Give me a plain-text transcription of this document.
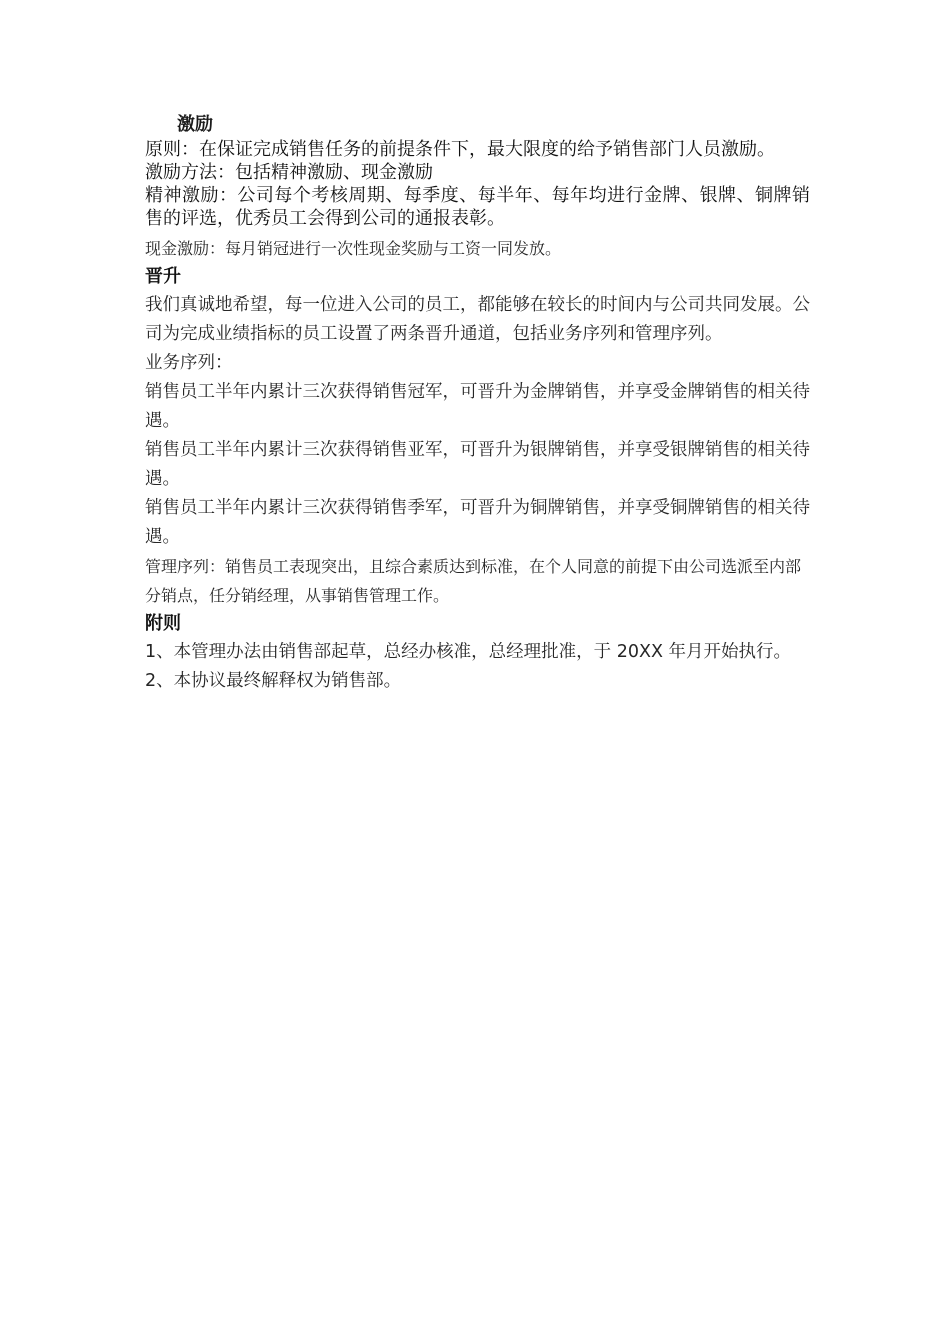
激励

原则：在保证完成销售任务的前提条件下，最大限度的给予销售部门人员激励。

激励方法：包括精神激励、现金激励

精神激励：公司每个考核周期、每季度、每半年、每年均进行金牌、银牌、铜牌销售的评选，优秀员工会得到公司的通报表彰。

现金激励：每月销冠进行一次性现金奖励与工资一同发放。

晋升

我们真诚地希望，每一位进入公司的员工，都能够在较长的时间内与公司共同发展。公司为完成业绩指标的员工设置了两条晋升通道，包括业务序列和管理序列。

业务序列：

销售员工半年内累计三次获得销售冠军，可晋升为金牌销售，并享受金牌销售的相关待遇。

销售员工半年内累计三次获得销售亚军，可晋升为银牌销售，并享受银牌销售的相关待遇。

销售员工半年内累计三次获得销售季军，可晋升为铜牌销售，并享受铜牌销售的相关待遇。

管理序列：销售员工表现突出，且综合素质达到标准，在个人同意的前提下由公司选派至内部分销点，任分销经理，从事销售管理工作。

附则

1、本管理办法由销售部起草，总经办核准，总经理批准，于 20XX 年月开始执行。

2、本协议最终解释权为销售部。
